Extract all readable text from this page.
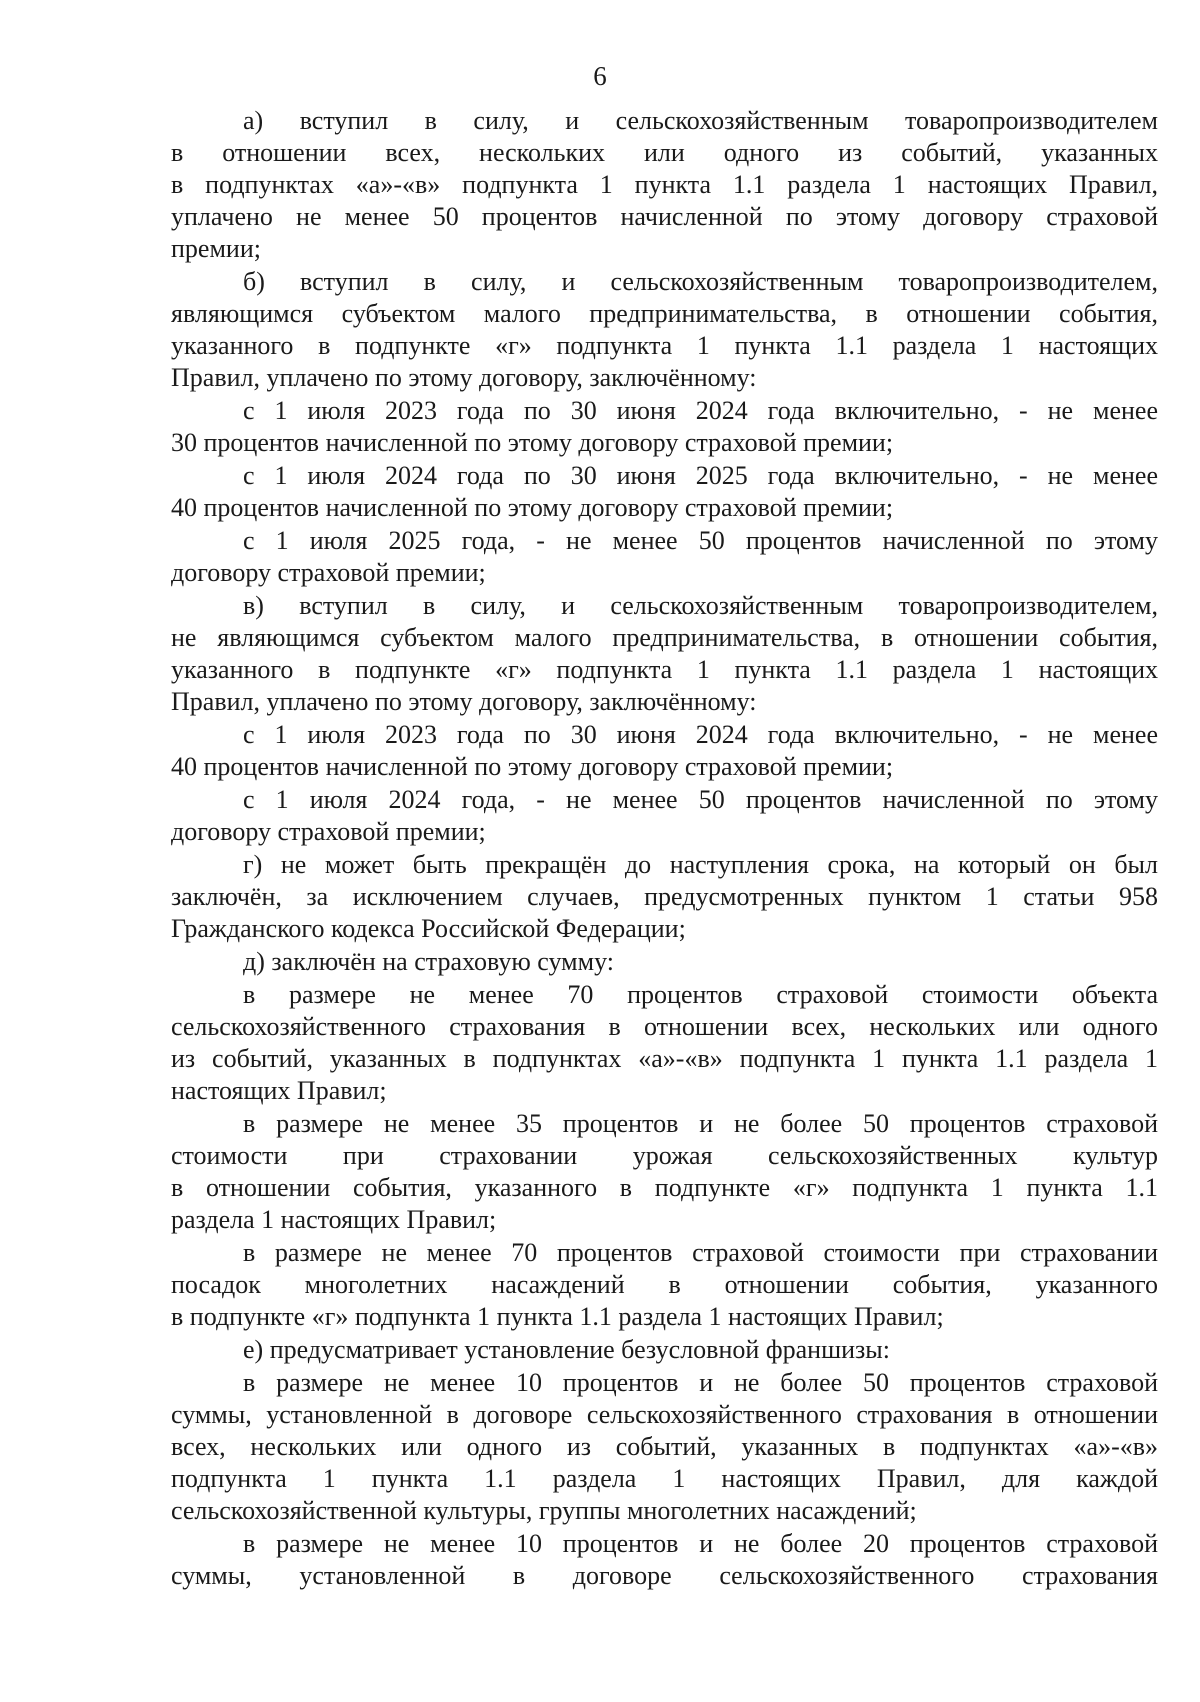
6
а) вступил в силу, и сельскохозяйственным товаропроизводителем
в отношении всех, нескольких или одного из событий, указанных
в подпунктах «а»-«в» подпункта 1 пункта 1.1 раздела 1 настоящих Правил,
уплачено не менее 50 процентов начисленной по этому договору страховой
премии;
б) вступил в силу, и сельскохозяйственным товаропроизводителем,
являющимся субъектом малого предпринимательства, в отношении события,
указанного в подпункте «г» подпункта 1 пункта 1.1 раздела 1 настоящих
Правил, уплачено по этому договору, заключённому:
с 1 июля 2023 года по 30 июня 2024 года включительно, - не менее
30 процентов начисленной по этому договору страховой премии;
с 1 июля 2024 года по 30 июня 2025 года включительно, - не менее
40 процентов начисленной по этому договору страховой премии;
с 1 июля 2025 года, - не менее 50 процентов начисленной по этому
договору страховой премии;
в) вступил в силу, и сельскохозяйственным товаропроизводителем,
не являющимся субъектом малого предпринимательства, в отношении события,
указанного в подпункте «г» подпункта 1 пункта 1.1 раздела 1 настоящих
Правил, уплачено по этому договору, заключённому:
с 1 июля 2023 года по 30 июня 2024 года включительно, - не менее
40 процентов начисленной по этому договору страховой премии;
с 1 июля 2024 года, - не менее 50 процентов начисленной по этому
договору страховой премии;
г) не может быть прекращён до наступления срока, на который он был
заключён, за исключением случаев, предусмотренных пунктом 1 статьи 958
Гражданского кодекса Российской Федерации;
д) заключён на страховую сумму:
в размере не менее 70 процентов страховой стоимости объекта
сельскохозяйственного страхования в отношении всех, нескольких или одного
из событий, указанных в подпунктах «а»-«в» подпункта 1 пункта 1.1 раздела 1
настоящих Правил;
в размере не менее 35 процентов и не более 50 процентов страховой
стоимости при страховании урожая сельскохозяйственных культур
в отношении события, указанного в подпункте «г» подпункта 1 пункта 1.1
раздела 1 настоящих Правил;
в размере не менее 70 процентов страховой стоимости при страховании
посадок многолетних насаждений в отношении события, указанного
в подпункте «г» подпункта 1 пункта 1.1 раздела 1 настоящих Правил;
е) предусматривает установление безусловной франшизы:
в размере не менее 10 процентов и не более 50 процентов страховой
суммы, установленной в договоре сельскохозяйственного страхования в отношении
всех, нескольких или одного из событий, указанных в подпунктах «а»-«в»
подпункта 1 пункта 1.1 раздела 1 настоящих Правил, для каждой
сельскохозяйственной культуры, группы многолетних насаждений;
в размере не менее 10 процентов и не более 20 процентов страховой
суммы, установленной в договоре сельскохозяйственного страхования
